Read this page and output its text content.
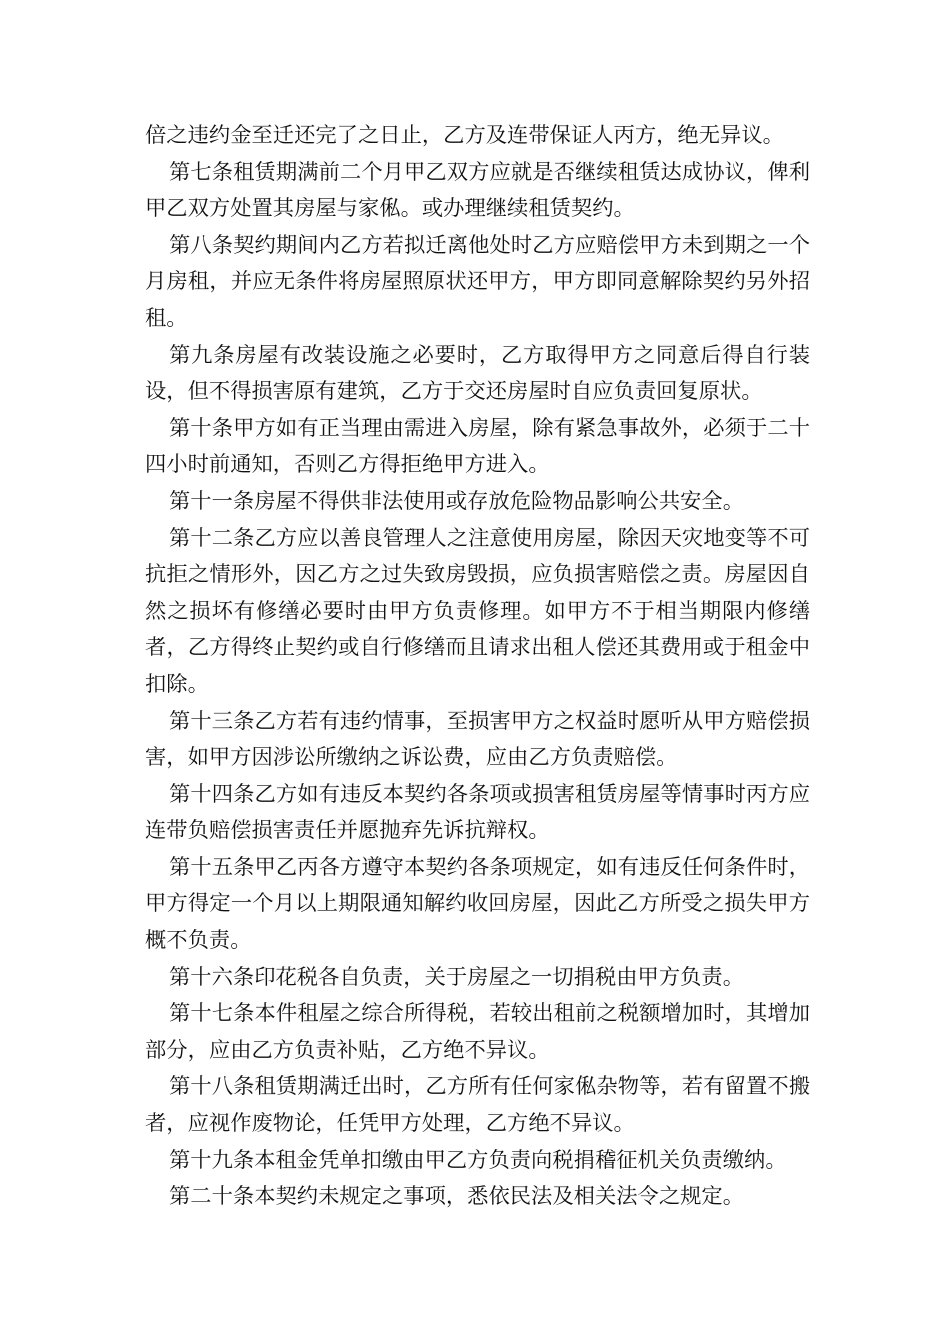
倍之违约金至迁还完了之日止，乙方及连带保证人丙方，绝无异议。

第七条租赁期满前二个月甲乙双方应就是否继续租赁达成协议，俾利甲乙双方处置其房屋与家俬。或办理继续租赁契约。

第八条契约期间内乙方若拟迁离他处时乙方应赔偿甲方未到期之一个月房租，并应无条件将房屋照原状还甲方，甲方即同意解除契约另外招租。

第九条房屋有改装设施之必要时，乙方取得甲方之同意后得自行装设，但不得损害原有建筑，乙方于交还房屋时自应负责回复原状。

第十条甲方如有正当理由需进入房屋，除有紧急事故外，必须于二十四小时前通知，否则乙方得拒绝甲方进入。

第十一条房屋不得供非法使用或存放危险物品影响公共安全。

第十二条乙方应以善良管理人之注意使用房屋，除因天灾地变等不可抗拒之情形外，因乙方之过失致房毁损，应负损害赔偿之责。房屋因自然之损坏有修缮必要时由甲方负责修理。如甲方不于相当期限内修缮者，乙方得终止契约或自行修缮而且请求出租人偿还其费用或于租金中扣除。

第十三条乙方若有违约情事，至损害甲方之权益时愿听从甲方赔偿损害，如甲方因涉讼所缴纳之诉讼费，应由乙方负责赔偿。

第十四条乙方如有违反本契约各条项或损害租赁房屋等情事时丙方应连带负赔偿损害责任并愿抛弃先诉抗辩权。

第十五条甲乙丙各方遵守本契约各条项规定，如有违反任何条件时，甲方得定一个月以上期限通知解约收回房屋，因此乙方所受之损失甲方概不负责。

第十六条印花税各自负责，关于房屋之一切捐税由甲方负责。

第十七条本件租屋之综合所得税，若较出租前之税额增加时，其增加部分，应由乙方负责补贴，乙方绝不异议。

第十八条租赁期满迁出时，乙方所有任何家俬杂物等，若有留置不搬者，应视作废物论，任凭甲方处理，乙方绝不异议。

第十九条本租金凭单扣缴由甲乙方负责向税捐稽征机关负责缴纳。

第二十条本契约未规定之事项，悉依民法及相关法令之规定。
